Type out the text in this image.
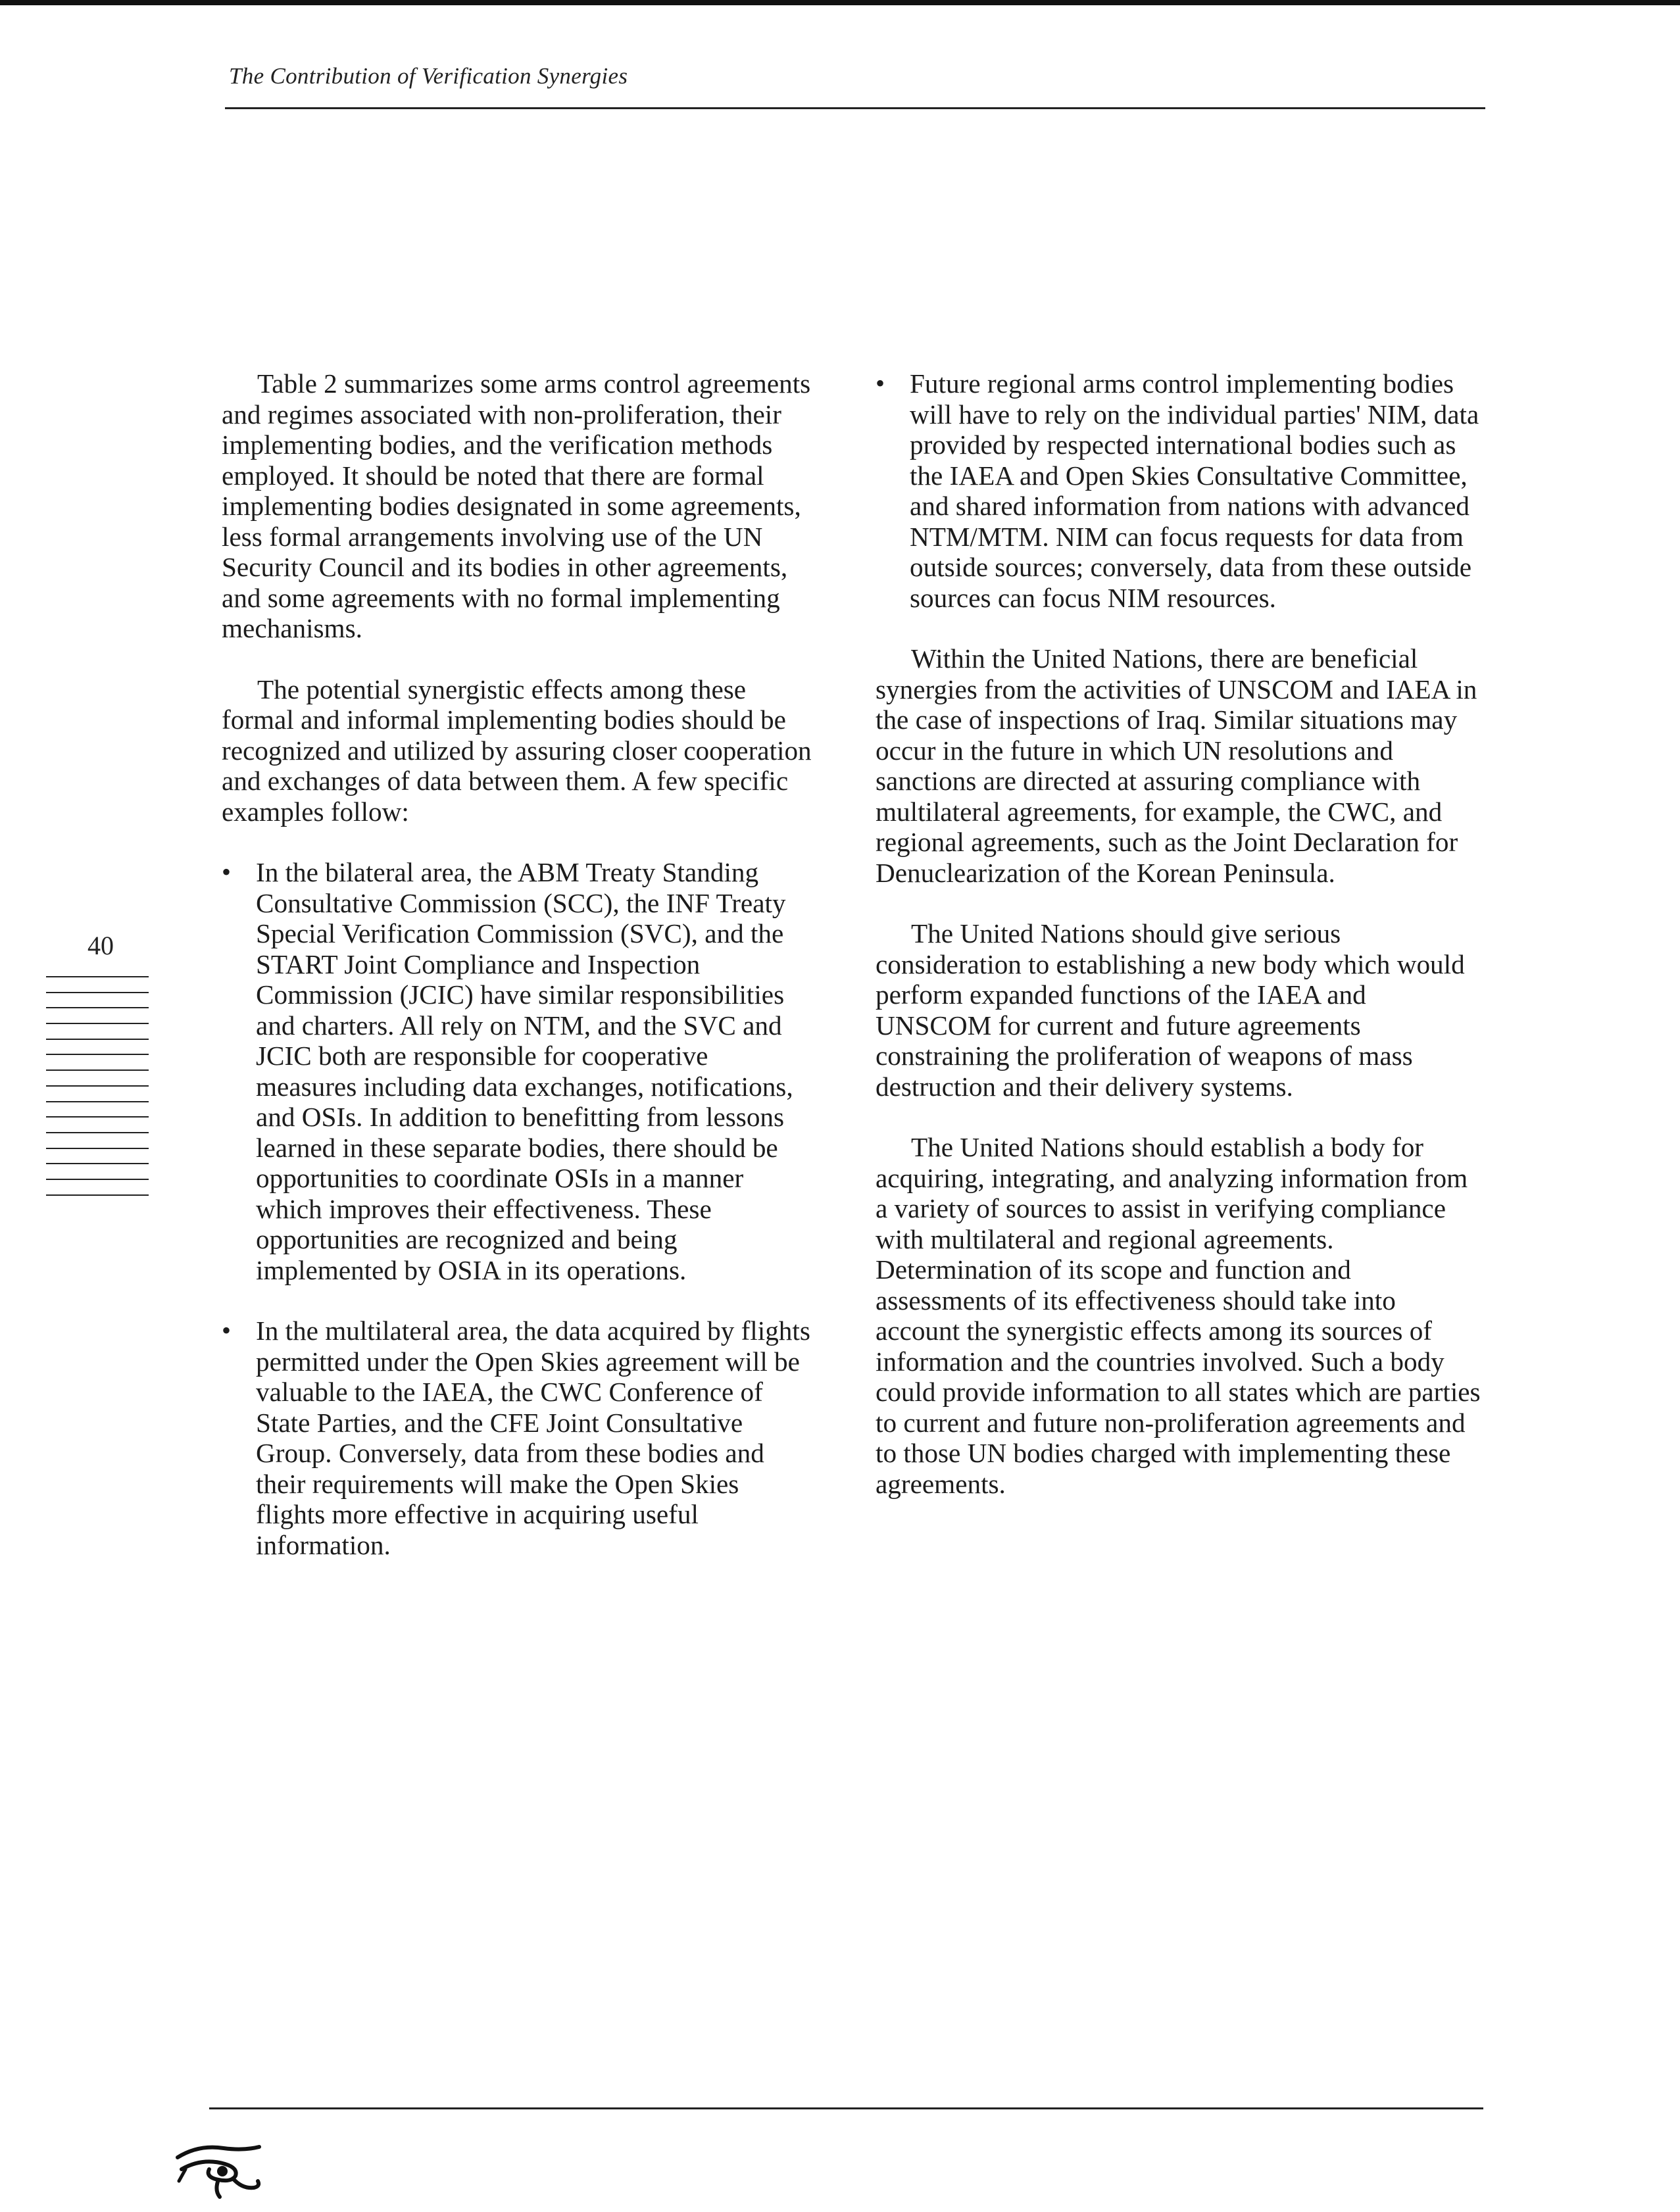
The Contribution of Verification Synergies
40

Table 2 summarizes some arms control agreements and regimes associated with non-proliferation, their implementing bodies, and the verification methods employed. It should be noted that there are formal implementing bodies designated in some agreements, less formal arrangements involving use of the UN Security Council and its bodies in other agreements, and some agreements with no formal implementing mechanisms.

The potential synergistic effects among these formal and informal implementing bodies should be recognized and utilized by assuring closer cooperation and exchanges of data between them. A few specific examples follow:

• In the bilateral area, the ABM Treaty Standing Consultative Commission (SCC), the INF Treaty Special Verification Commission (SVC), and the START Joint Compliance and Inspection Commission (JCIC) have similar responsibilities and charters. All rely on NTM, and the SVC and JCIC both are responsible for cooperative measures including data exchanges, notifications, and OSIs. In addition to benefitting from lessons learned in these separate bodies, there should be opportunities to coordinate OSIs in a manner which improves their effectiveness. These opportunities are recognized and being implemented by OSIA in its operations.
• In the multilateral area, the data acquired by flights permitted under the Open Skies agreement will be valuable to the IAEA, the CWC Conference of State Parties, and the CFE Joint Consultative Group. Conversely, data from these bodies and their requirements will make the Open Skies flights more effective in acquiring useful information.
• Future regional arms control implementing bodies will have to rely on the individual parties' NIM, data provided by respected international bodies such as the IAEA and Open Skies Consultative Committee, and shared information from nations with advanced NTM/MTM. NIM can focus requests for data from outside sources; conversely, data from these outside sources can focus NIM resources.

Within the United Nations, there are beneficial synergies from the activities of UNSCOM and IAEA in the case of inspections of Iraq. Similar situations may occur in the future in which UN resolutions and sanctions are directed at assuring compliance with multilateral agreements, for example, the CWC, and regional agreements, such as the Joint Declaration for Denuclearization of the Korean Peninsula.

The United Nations should give serious consideration to establishing a new body which would perform expanded functions of the IAEA and UNSCOM for current and future agreements constraining the proliferation of weapons of mass destruction and their delivery systems.

The United Nations should establish a body for acquiring, integrating, and analyzing information from a variety of sources to assist in verifying compliance with multilateral and regional agreements. Determination of its scope and function and assessments of its effectiveness should take into account the synergistic effects among its sources of information and the countries involved. Such a body could provide information to all states which are parties to current and future non-proliferation agreements and to those UN bodies charged with implementing these agreements.
